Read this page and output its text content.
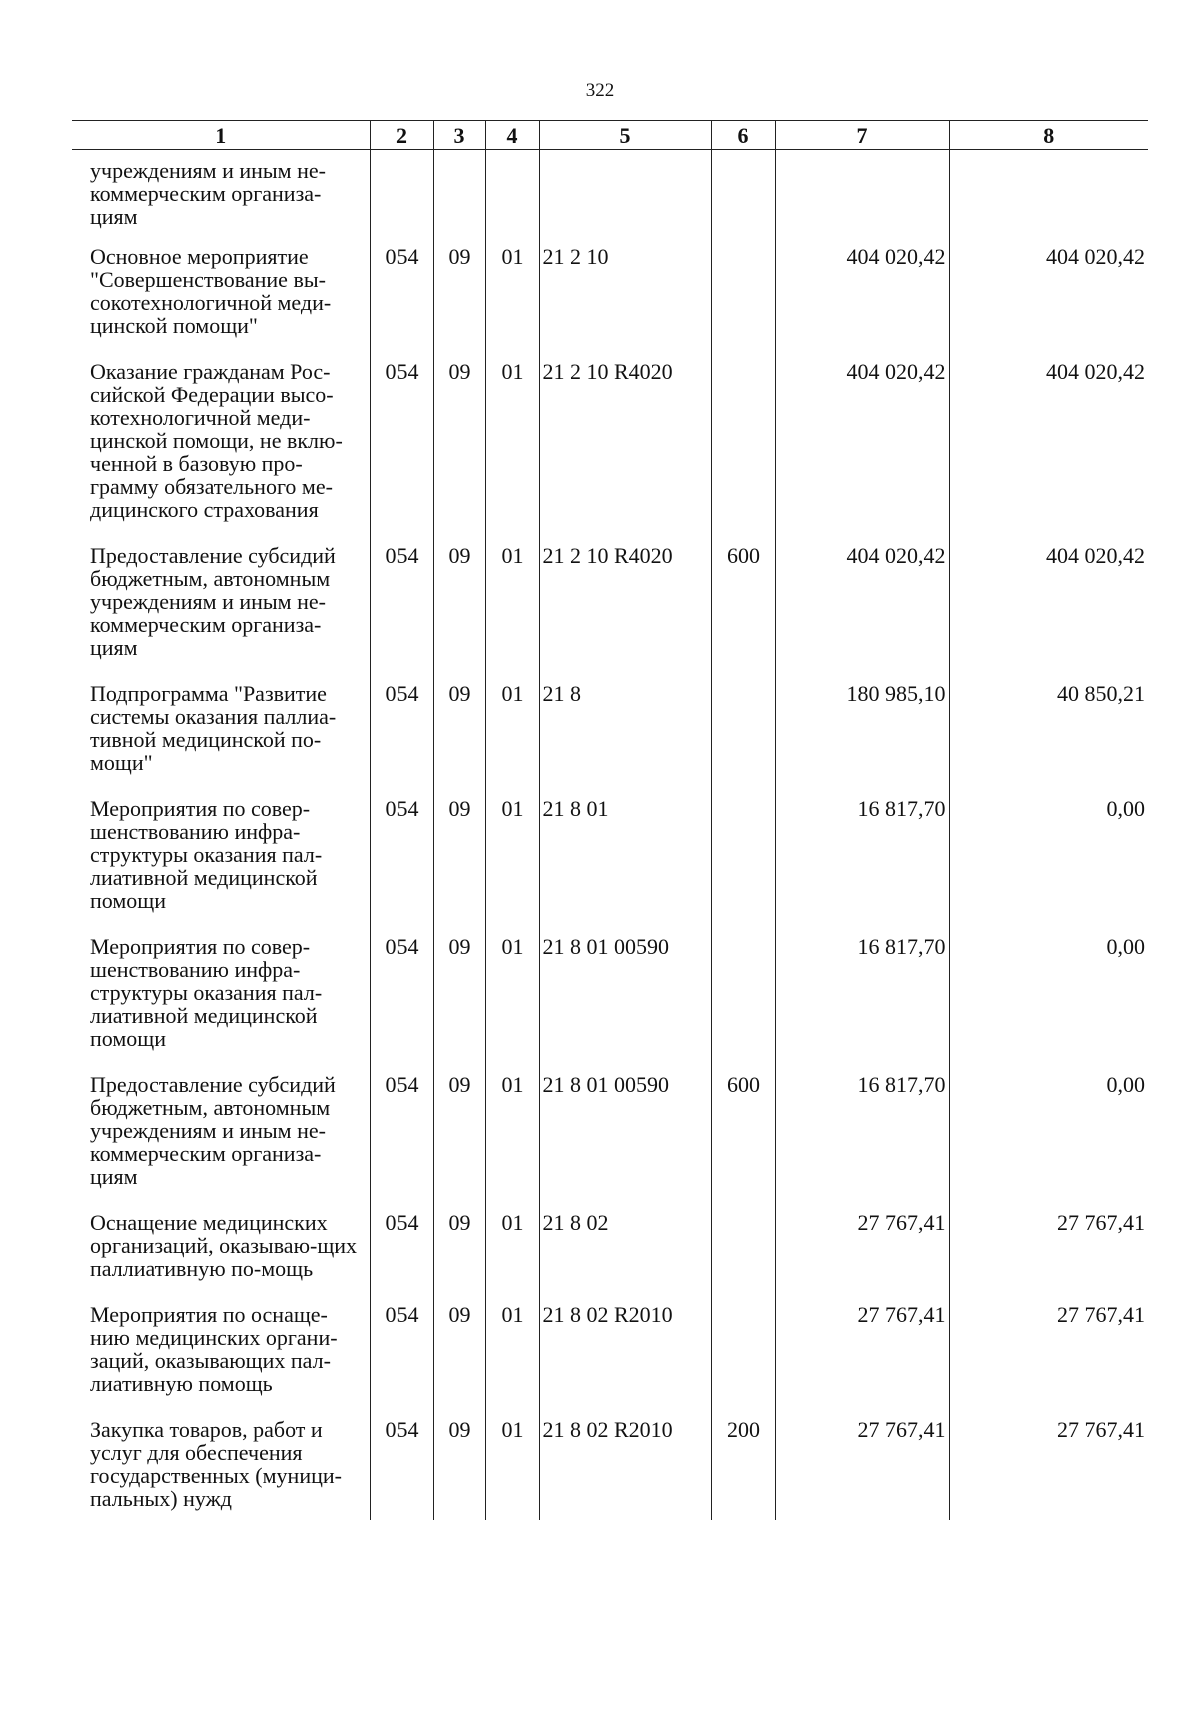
322
1	2	3	4	5	6	7	8
учреждениям и иным не-
коммерческим организа-
циям							
Основное мероприятие "Совершенствование вы-сокотехнологичной меди-цинской помощи"	054	09	01	21 2 10		404 020,42	404 020,42
Оказание гражданам Рос-сийской Федерации высо-котехнологичной меди-цинской помощи, не вклю-ченной в базовую про-грамму обязательного ме-дицинского страхования	054	09	01	21 2 10 R4020		404 020,42	404 020,42
Предоставление субсидий бюджетным, автономным учреждениям и иным не-коммерческим организа-циям	054	09	01	21 2 10 R4020	600	404 020,42	404 020,42
Подпрограмма "Развитие системы оказания паллиа-тивной медицинской по-мощи"	054	09	01	21 8		180 985,10	40 850,21
Мероприятия по совер-шенствованию инфра-структуры оказания пал-лиативной медицинской помощи	054	09	01	21 8 01		16 817,70	0,00
Мероприятия по совер-шенствованию инфра-структуры оказания пал-лиативной медицинской помощи	054	09	01	21 8 01 00590		16 817,70	0,00
Предоставление субсидий бюджетным, автономным учреждениям и иным не-коммерческим организа-циям	054	09	01	21 8 01 00590	600	16 817,70	0,00
Оснащение медицинских организаций, оказываю-щих паллиативную по-мощь	054	09	01	21 8 02		27 767,41	27 767,41
Мероприятия по оснаще-нию медицинских органи-заций, оказывающих пал-лиативную помощь	054	09	01	21 8 02 R2010		27 767,41	27 767,41
Закупка товаров, работ и услуг для обеспечения государственных (муници-пальных) нужд	054	09	01	21 8 02 R2010	200	27 767,41	27 767,41
